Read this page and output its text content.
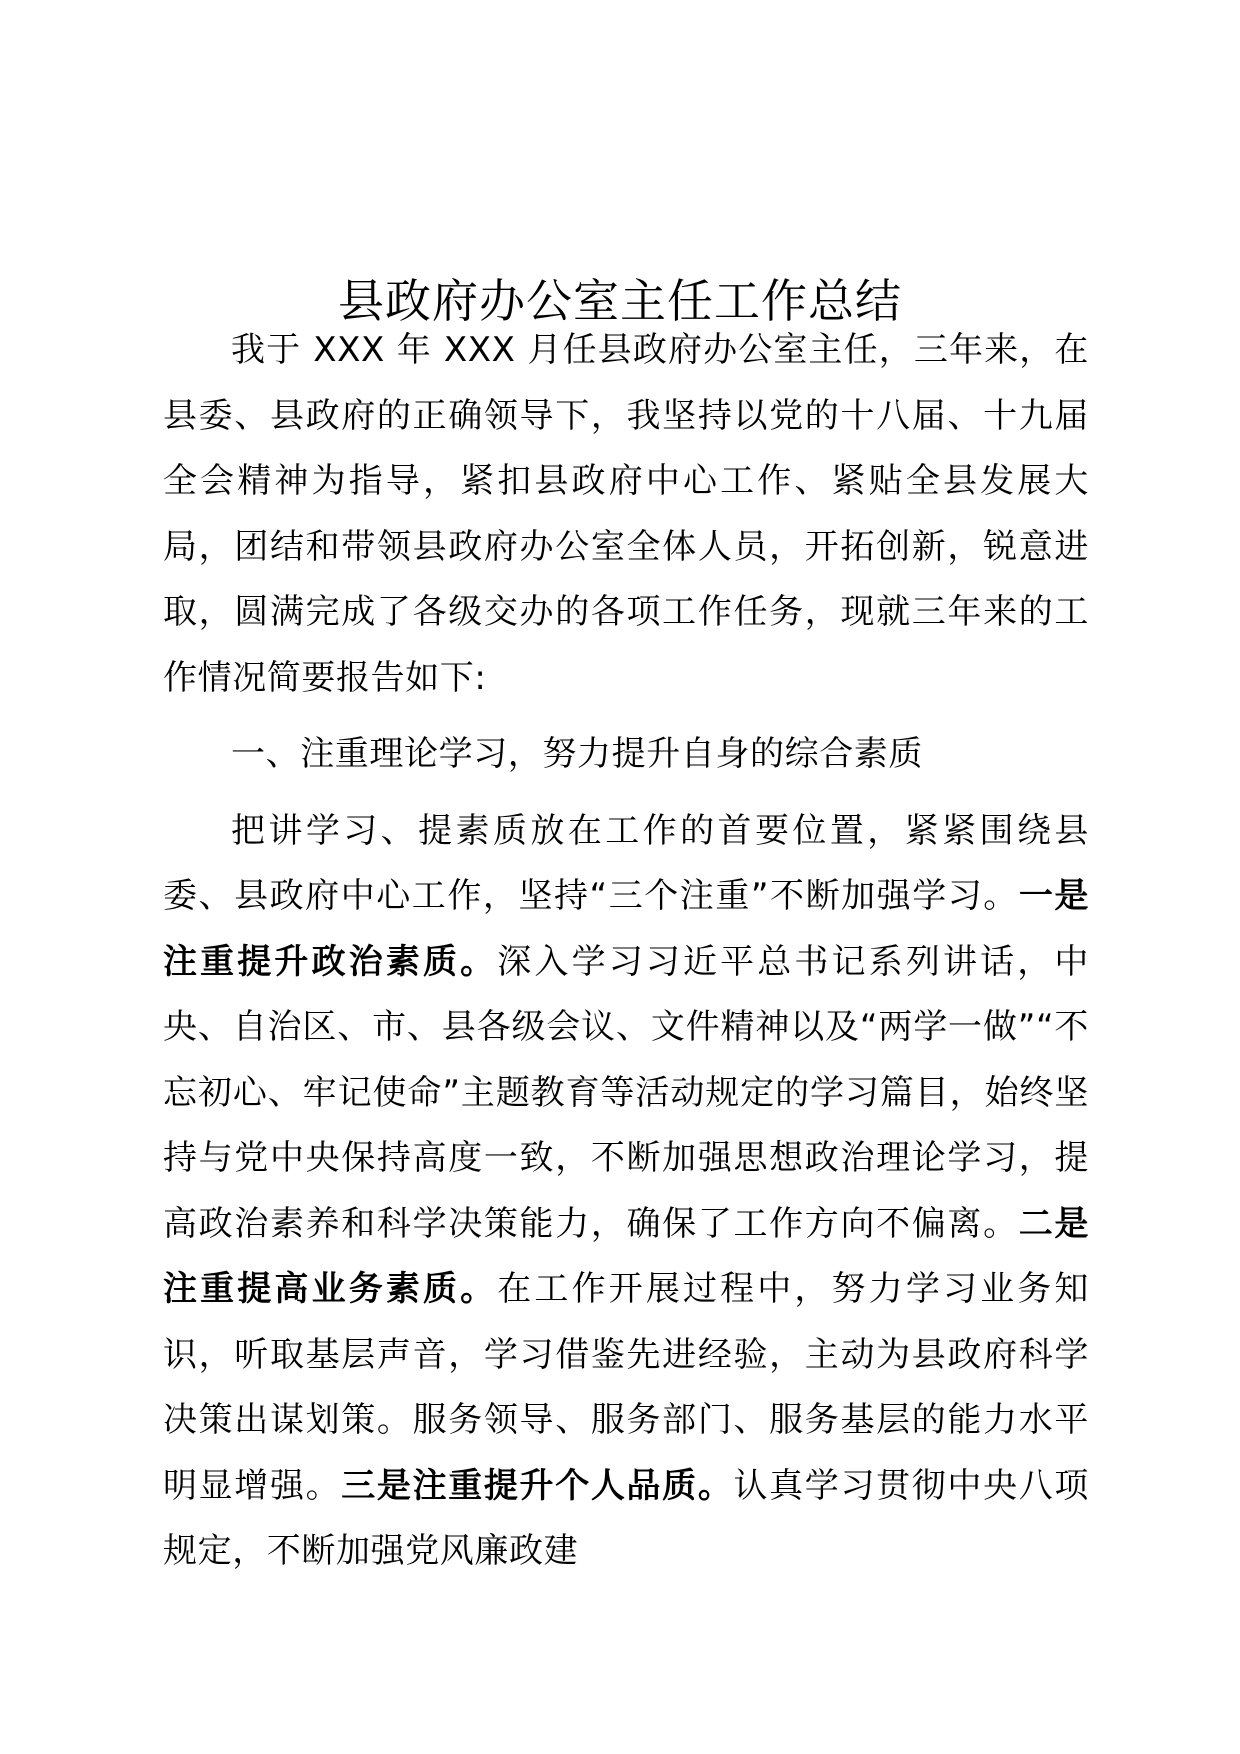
县政府办公室主任工作总结

我于 XXX 年 XXX 月任县政府办公室主任，三年来，在县委、县政府的正确领导下，我坚持以党的十八届、十九届全会精神为指导，紧扣县政府中心工作、紧贴全县发展大局，团结和带领县政府办公室全体人员，开拓创新，锐意进取，圆满完成了各级交办的各项工作任务，现就三年来的工作情况简要报告如下:

一、注重理论学习，努力提升自身的综合素质

把讲学习、提素质放在工作的首要位置，紧紧围绕县委、县政府中心工作，坚持“三个注重”不断加强学习。一是注重提升政治素质。深入学习习近平总书记系列讲话，中央、自治区、市、县各级会议、文件精神以及“两学一做”“不忘初心、牢记使命”主题教育等活动规定的学习篇目，始终坚持与党中央保持高度一致，不断加强思想政治理论学习，提高政治素养和科学决策能力，确保了工作方向不偏离。二是注重提高业务素质。在工作开展过程中，努力学习业务知识，听取基层声音，学习借鉴先进经验，主动为县政府科学决策出谋划策。服务领导、服务部门、服务基层的能力水平明显增强。三是注重提升个人品质。认真学习贯彻中央八项规定，不断加强党风廉政建
